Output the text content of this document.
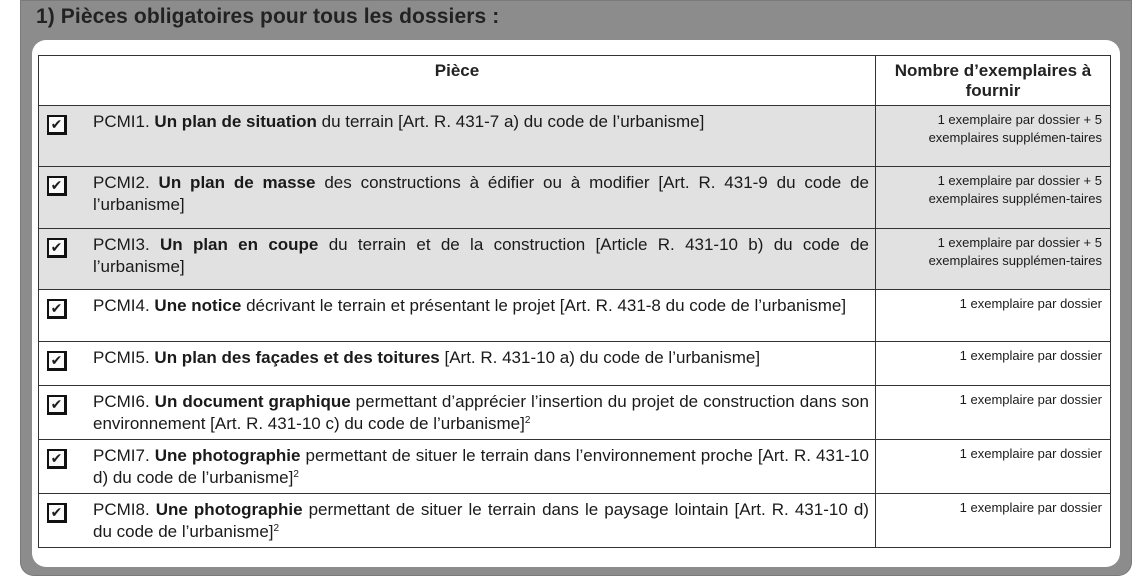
1) Pièces obligatoires pour tous les dossiers :
Pièce	Nombre d’exemplaires à fournir

✔ PCMI1. Un plan de situation du terrain [Art. R. 431-7 a) du code de l’urbanisme]	1 exemplaire par dossier + 5 exemplaires supplémen-taires

✔ PCMI2. Un plan de masse des constructions à édifier ou à modifier [Art. R. 431-9 du code de l’urbanisme]	1 exemplaire par dossier + 5 exemplaires supplémen-taires

✔ PCMI3. Un plan en coupe du terrain et de la construction [Article R. 431-10 b) du code de l’urbanisme]	1 exemplaire par dossier + 5 exemplaires supplémen-taires

✔ PCMI4. Une notice décrivant le terrain et présentant le projet [Art. R. 431-8 du code de l’urbanisme]	1 exemplaire par dossier

✔ PCMI5. Un plan des façades et des toitures [Art. R. 431-10 a) du code de l’urbanisme]	1 exemplaire par dossier

✔ PCMI6. Un document graphique permettant d’apprécier l’insertion du projet de construction dans son environnement [Art. R. 431-10 c) du code de l’urbanisme]$^2$	1 exemplaire par dossier

✔ PCMI7. Une photographie permettant de situer le terrain dans l’environnement proche [Art. R. 431-10 d) du code de l’urbanisme]$^2$	1 exemplaire par dossier

✔ PCMI8. Une photographie permettant de situer le terrain dans le paysage lointain [Art. R. 431-10 d) du code de l’urbanisme]$^2$	1 exemplaire par dossier
